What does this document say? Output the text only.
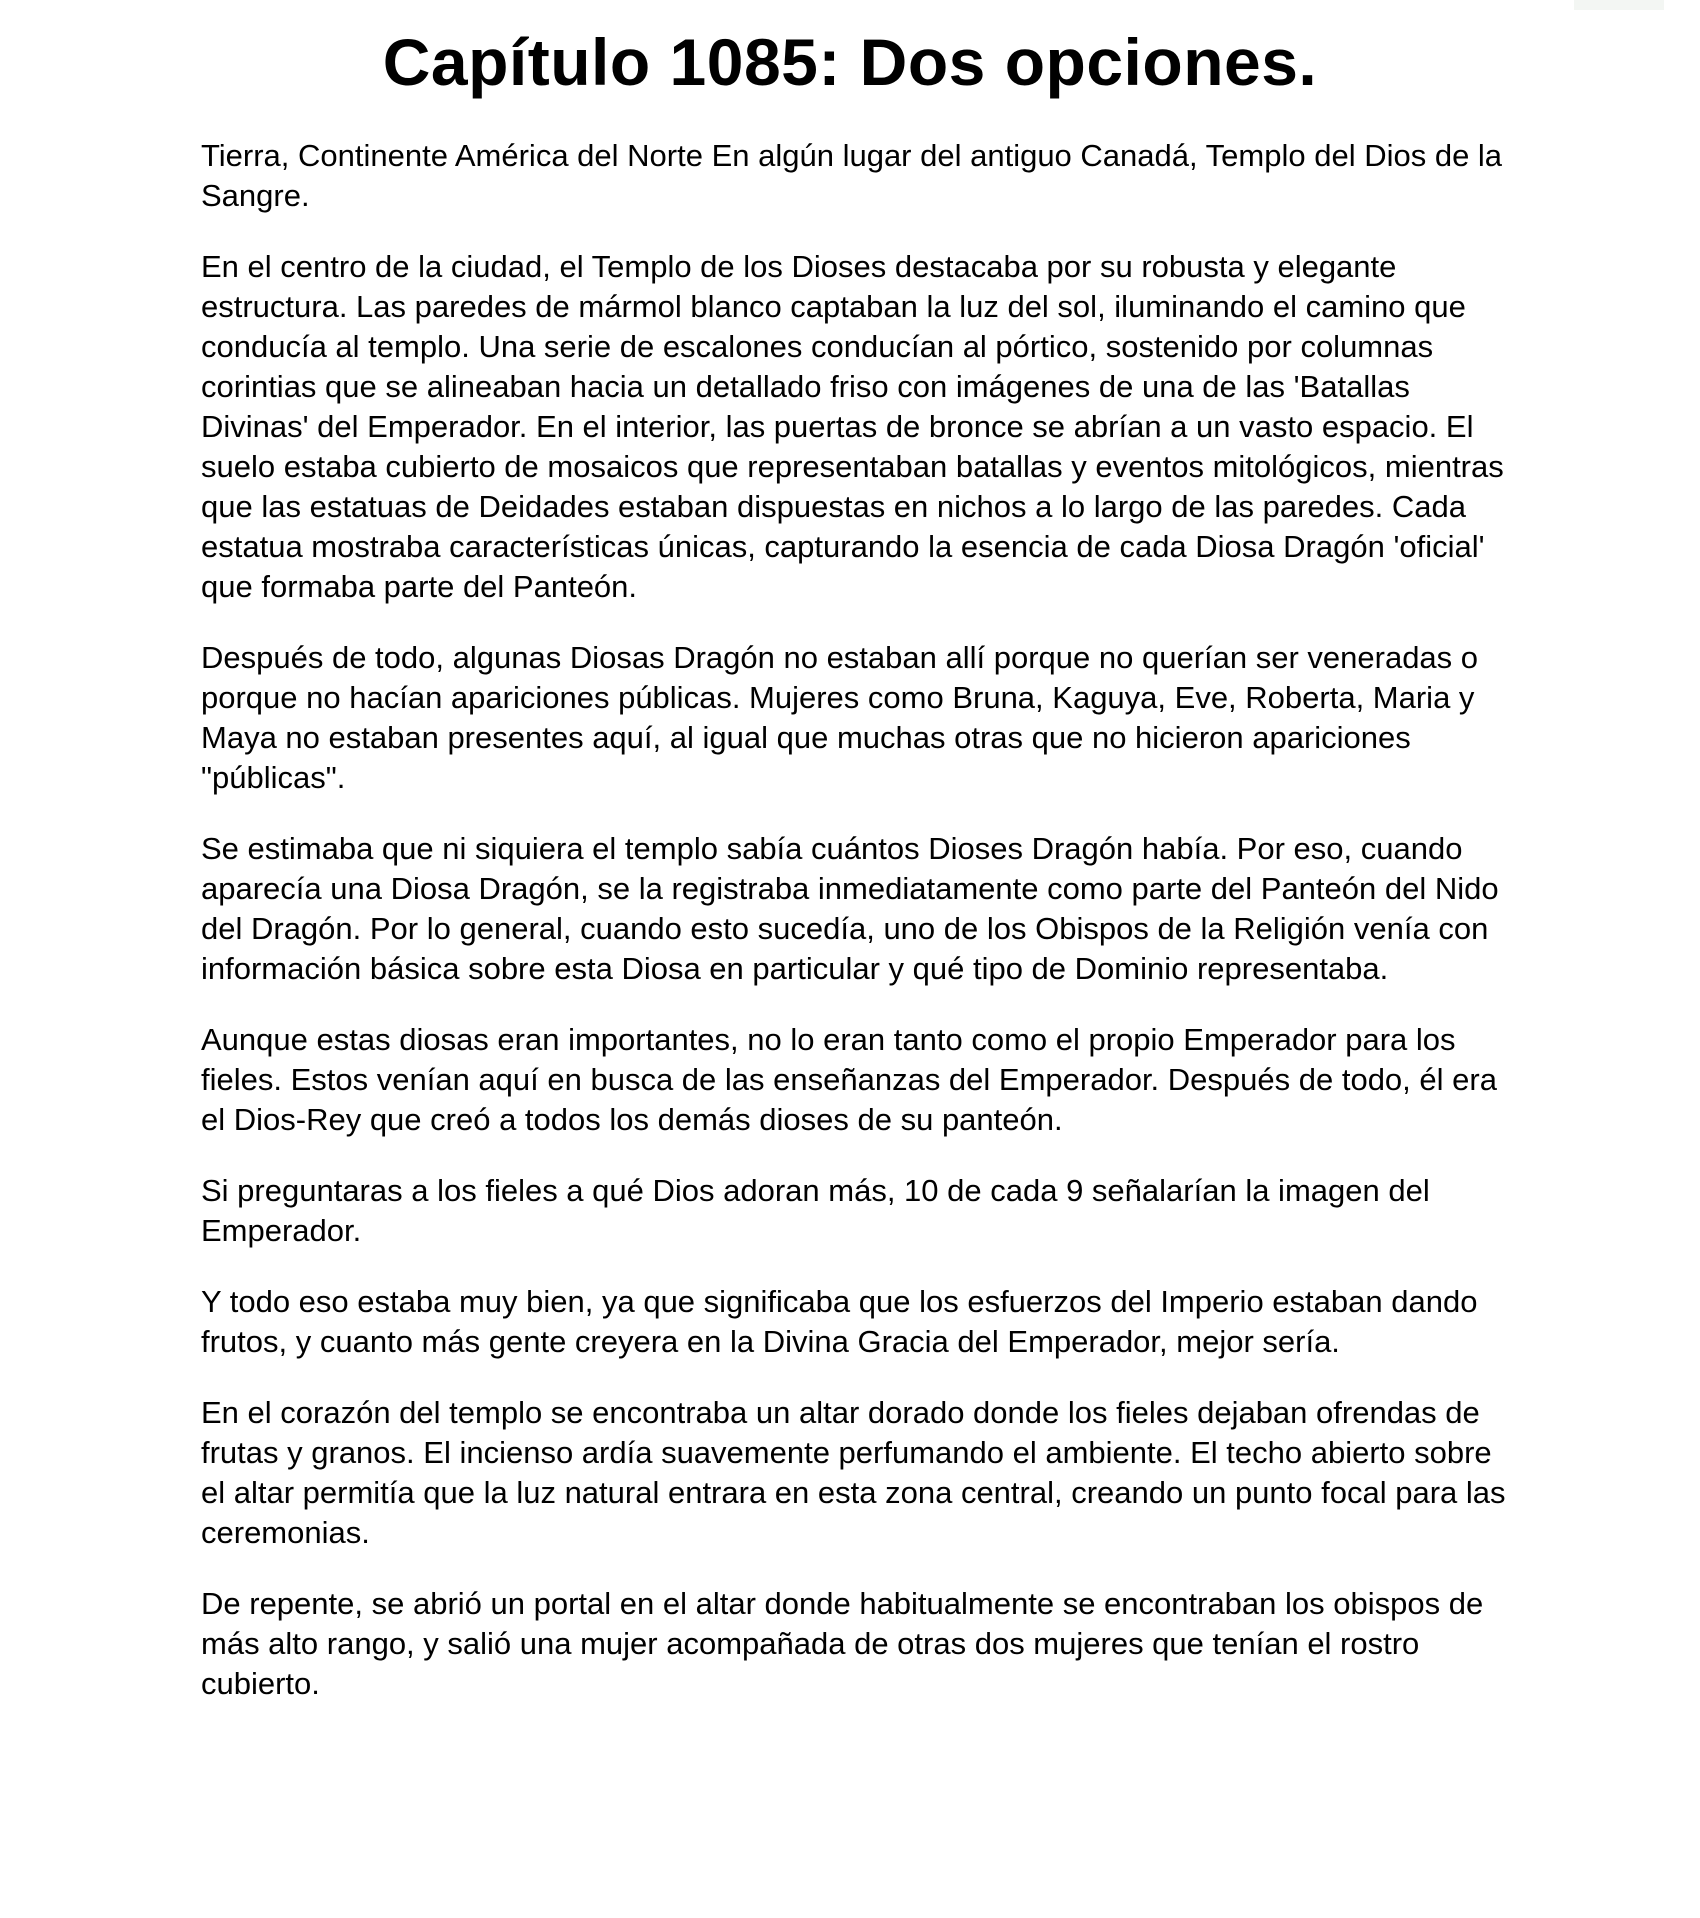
Capítulo 1085: Dos opciones.

Tierra, Continente América del Norte En algún lugar del antiguo Canadá, Templo del Dios de la Sangre.

En el centro de la ciudad, el Templo de los Dioses destacaba por su robusta y elegante estructura. Las paredes de mármol blanco captaban la luz del sol, iluminando el camino que conducía al templo. Una serie de escalones conducían al pórtico, sostenido por columnas corintias que se alineaban hacia un detallado friso con imágenes de una de las 'Batallas Divinas' del Emperador. En el interior, las puertas de bronce se abrían a un vasto espacio. El suelo estaba cubierto de mosaicos que representaban batallas y eventos mitológicos, mientras que las estatuas de Deidades estaban dispuestas en nichos a lo largo de las paredes. Cada estatua mostraba características únicas, capturando la esencia de cada Diosa Dragón 'oficial' que formaba parte del Panteón.

Después de todo, algunas Diosas Dragón no estaban allí porque no querían ser veneradas o porque no hacían apariciones públicas. Mujeres como Bruna, Kaguya, Eve, Roberta, Maria y Maya no estaban presentes aquí, al igual que muchas otras que no hicieron apariciones "públicas".

Se estimaba que ni siquiera el templo sabía cuántos Dioses Dragón había. Por eso, cuando aparecía una Diosa Dragón, se la registraba inmediatamente como parte del Panteón del Nido del Dragón. Por lo general, cuando esto sucedía, uno de los Obispos de la Religión venía con información básica sobre esta Diosa en particular y qué tipo de Dominio representaba.

Aunque estas diosas eran importantes, no lo eran tanto como el propio Emperador para los fieles. Estos venían aquí en busca de las enseñanzas del Emperador. Después de todo, él era el Dios-Rey que creó a todos los demás dioses de su panteón.

Si preguntaras a los fieles a qué Dios adoran más, 10 de cada 9 señalarían la imagen del Emperador.

Y todo eso estaba muy bien, ya que significaba que los esfuerzos del Imperio estaban dando frutos, y cuanto más gente creyera en la Divina Gracia del Emperador, mejor sería.

En el corazón del templo se encontraba un altar dorado donde los fieles dejaban ofrendas de frutas y granos. El incienso ardía suavemente perfumando el ambiente. El techo abierto sobre el altar permitía que la luz natural entrara en esta zona central, creando un punto focal para las ceremonias.

De repente, se abrió un portal en el altar donde habitualmente se encontraban los obispos de más alto rango, y salió una mujer acompañada de otras dos mujeres que tenían el rostro cubierto.
